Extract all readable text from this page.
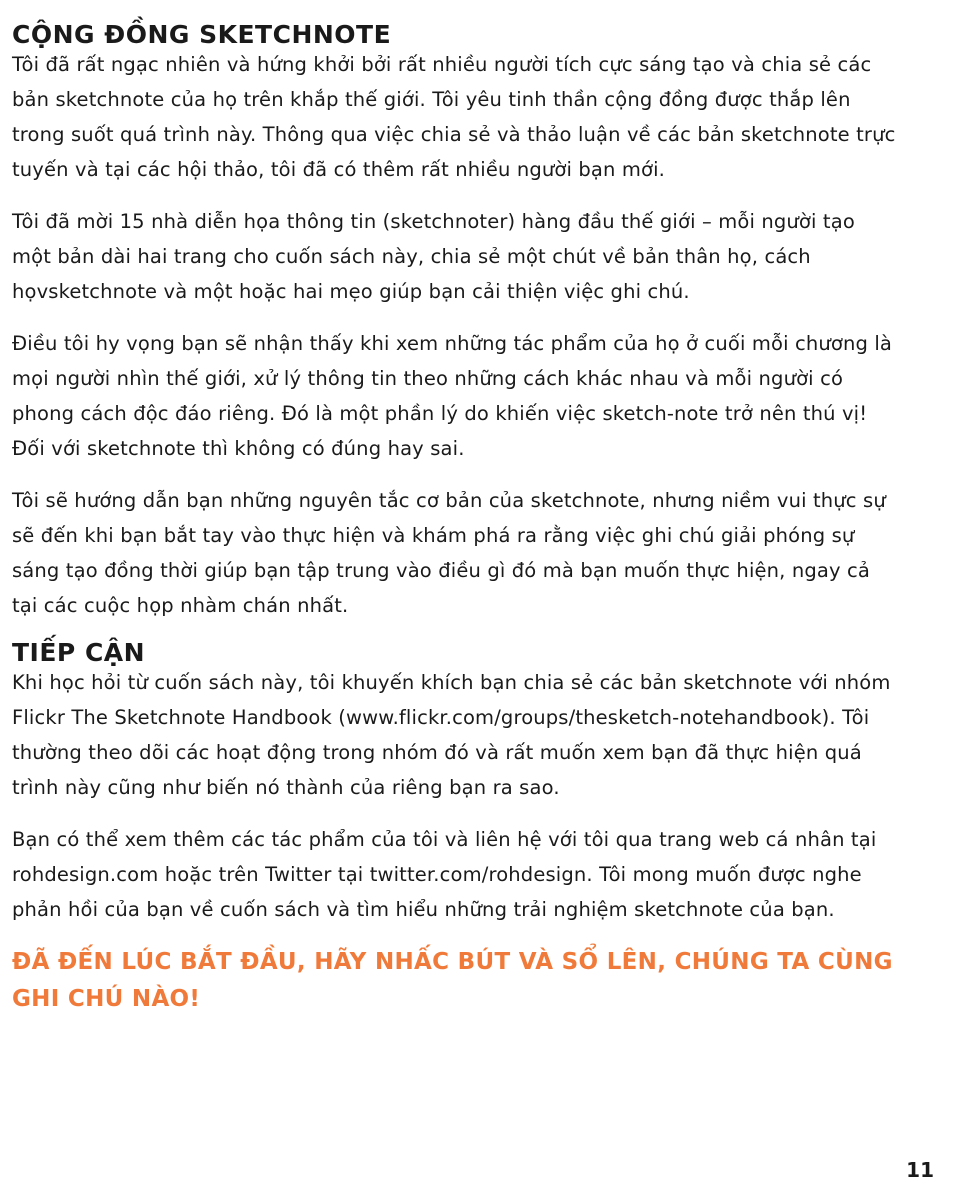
CỘNG ĐỒNG SKETCHNOTE

Tôi đã rất ngạc nhiên và hứng khởi bởi rất nhiều người tích cực sáng tạo và chia sẻ các bản sketchnote của họ trên khắp thế giới. Tôi yêu tinh thần cộng đồng được thắp lên trong suốt quá trình này. Thông qua việc chia sẻ và thảo luận về các bản sketchnote trực tuyến và tại các hội thảo, tôi đã có thêm rất nhiều người bạn mới.

Tôi đã mời 15 nhà diễn họa thông tin (sketchnoter) hàng đầu thế giới – mỗi người tạo một bản dài hai trang cho cuốn sách này, chia sẻ một chút về bản thân họ, cách họvsketchnote và một hoặc hai mẹo giúp bạn cải thiện việc ghi chú.

Điều tôi hy vọng bạn sẽ nhận thấy khi xem những tác phẩm của họ ở cuối mỗi chương là mọi người nhìn thế giới, xử lý thông tin theo những cách khác nhau và mỗi người có phong cách độc đáo riêng. Đó là một phần lý do khiến việc sketch-note trở nên thú vị! Đối với sketchnote thì không có đúng hay sai.

Tôi sẽ hướng dẫn bạn những nguyên tắc cơ bản của sketchnote, nhưng niềm vui thực sự sẽ đến khi bạn bắt tay vào thực hiện và khám phá ra rằng việc ghi chú giải phóng sự sáng tạo đồng thời giúp bạn tập trung vào điều gì đó mà bạn muốn thực hiện, ngay cả tại các cuộc họp nhàm chán nhất.

TIẾP CẬN

Khi học hỏi từ cuốn sách này, tôi khuyến khích bạn chia sẻ các bản sketchnote với nhóm Flickr The Sketchnote Handbook (www.flickr.com/groups/thesketch-notehandbook). Tôi thường theo dõi các hoạt động trong nhóm đó và rất muốn xem bạn đã thực hiện quá trình này cũng như biến nó thành của riêng bạn ra sao.

Bạn có thể xem thêm các tác phẩm của tôi và liên hệ với tôi qua trang web cá nhân tại rohdesign.com hoặc trên Twitter tại twitter.com/rohdesign. Tôi mong muốn được nghe phản hồi của bạn về cuốn sách và tìm hiểu những trải nghiệm sketchnote của bạn.

ĐÃ ĐẾN LÚC BẮT ĐẦU, HÃY NHẤC BÚT VÀ SỔ LÊN, CHÚNG TA CÙNG GHI CHÚ NÀO!

11
